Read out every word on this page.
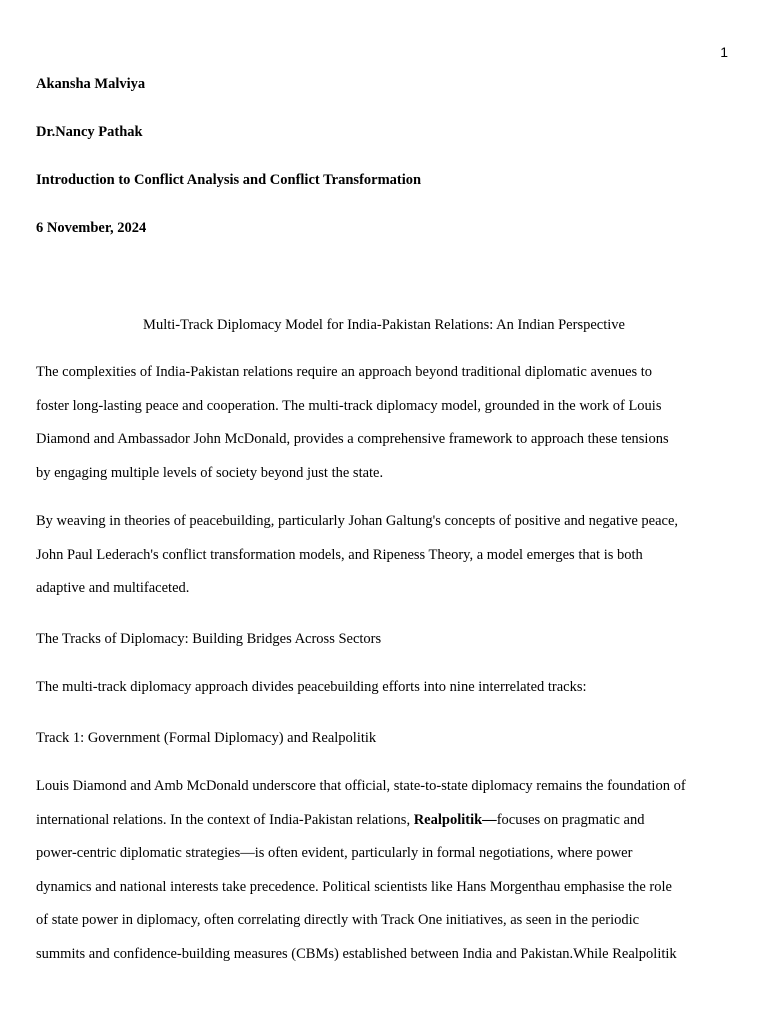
1
Akansha Malviya
Dr.Nancy Pathak
Introduction to Conflict Analysis and Conflict Transformation
6 November, 2024
Multi-Track Diplomacy Model for India-Pakistan Relations: An Indian Perspective
The complexities of India-Pakistan relations require an approach beyond traditional diplomatic avenues to
foster long-lasting peace and cooperation. The multi-track diplomacy model, grounded in the work of Louis
Diamond and Ambassador John McDonald, provides a comprehensive framework to approach these tensions
by engaging multiple levels of society beyond just the state.
By weaving in theories of peacebuilding, particularly Johan Galtung's concepts of positive and negative peace,
John Paul Lederach's conflict transformation models, and Ripeness Theory, a model emerges that is both
adaptive and multifaceted.
The Tracks of Diplomacy: Building Bridges Across Sectors
The multi-track diplomacy approach divides peacebuilding efforts into nine interrelated tracks:
Track 1: Government (Formal Diplomacy) and Realpolitik
Louis Diamond and Amb McDonald underscore that official, state-to-state diplomacy remains the foundation of
international relations. In the context of India-Pakistan relations, Realpolitik—focuses on pragmatic and
power-centric diplomatic strategies—is often evident, particularly in formal negotiations, where power
dynamics and national interests take precedence. Political scientists like Hans Morgenthau emphasise the role
of state power in diplomacy, often correlating directly with Track One initiatives, as seen in the periodic
summits and confidence-building measures (CBMs) established between India and Pakistan.While Realpolitik
